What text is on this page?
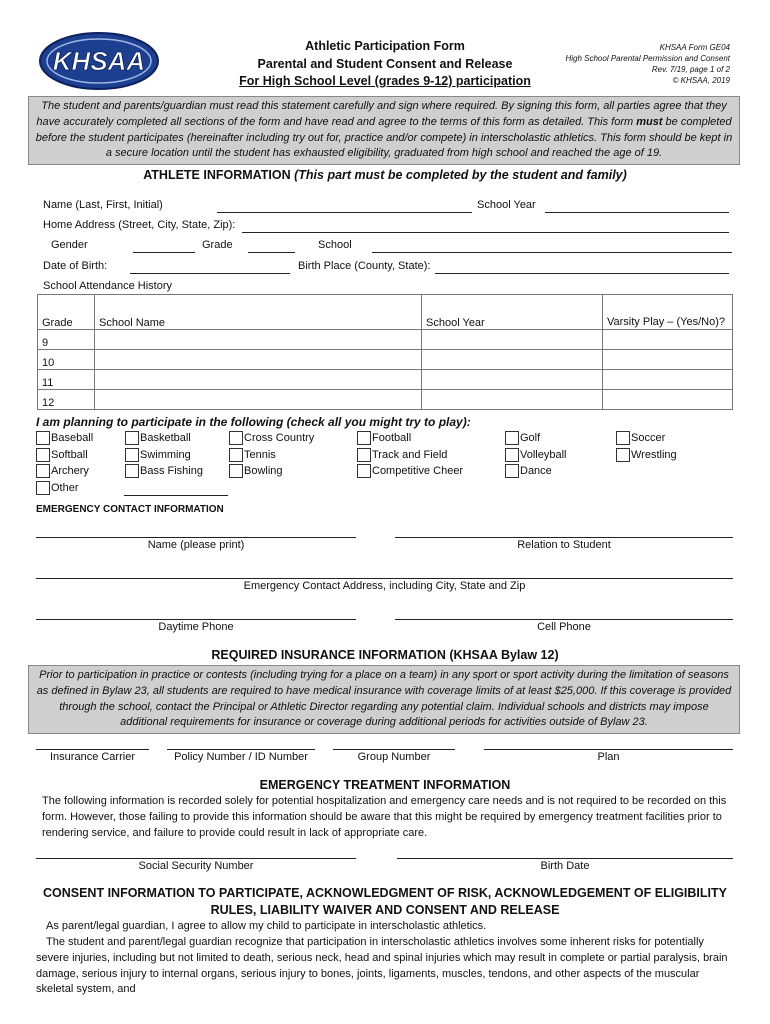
KHSAA	Athletic Participation Form
Parental and Student Consent and Release
For High School Level (grades 9-12) participation
KHSAA Form GE04
High School Parental Permission and Consent
Rev. 7/19, page 1 of 2
© KHSAA, 2019
The student and parents/guardian must read this statement carefully and sign where required. By signing this form, all parties agree that they have accurately completed all sections of the form and have read and agree to the terms of this form as detailed. This form must be completed before the student participates (hereinafter including try out for, practice and/or compete) in interscholastic athletics. This form should be kept in a secure location until the student has exhausted eligibility, graduated from high school and reached the age of 19.
ATHLETE INFORMATION (This part must be completed by the student and family)
Name (Last, First, Initial)	School Year
Home Address (Street, City, State, Zip):
Gender	Grade	School
Date of Birth:	Birth Place (County, State):
School Attendance History
Grade	School Name	School Year	Varsity Play – (Yes/No)?
9			
10			
11			
12			
I am planning to participate in the following (check all you might try to play):
Baseball
Softball
Archery
Other
Basketball
Swimming
Bass Fishing
Cross Country
Tennis
Bowling
Football
Track and Field
Competitive Cheer
Golf
Volleyball
Dance
Soccer
Wrestling
EMERGENCY CONTACT INFORMATION
Name (please print)	Relation to Student
Emergency Contact Address, including City, State and Zip
Daytime Phone	Cell Phone
REQUIRED INSURANCE INFORMATION (KHSAA Bylaw 12)
Prior to participation in practice or contests (including trying for a place on a team) in any sport or sport activity during the limitation of seasons as defined in Bylaw 23, all students are required to have medical insurance with coverage limits of at least $25,000. If this coverage is provided through the school, contact the Principal or Athletic Director regarding any potential claim. Individual schools and districts may impose additional requirements for insurance or coverage during additional periods for activities outside of Bylaw 23.
Insurance Carrier	Policy Number / ID Number	Group Number	Plan
EMERGENCY TREATMENT INFORMATION
The following information is recorded solely for potential hospitalization and emergency care needs and is not required to be recorded on this form. However, those failing to provide this information should be aware that this might be required by emergency treatment facilities prior to rendering service, and failure to provide could result in lack of appropriate care.
Social Security Number	Birth Date
CONSENT INFORMATION TO PARTICIPATE, ACKNOWLEDGMENT OF RISK, ACKNOWLEDGEMENT OF ELIGIBILITY
RULES, LIABILITY WAIVER AND CONSENT AND RELEASE
As parent/legal guardian, I agree to allow my child to participate in interscholastic athletics.
The student and parent/legal guardian recognize that participation in interscholastic athletics involves some inherent risks for potentially severe injuries, including but not limited to death, serious neck, head and spinal injuries which may result in complete or partial paralysis, brain damage, serious injury to internal organs, serious injury to bones, joints, ligaments, muscles, tendons, and other aspects of the muscular skeletal system, and
